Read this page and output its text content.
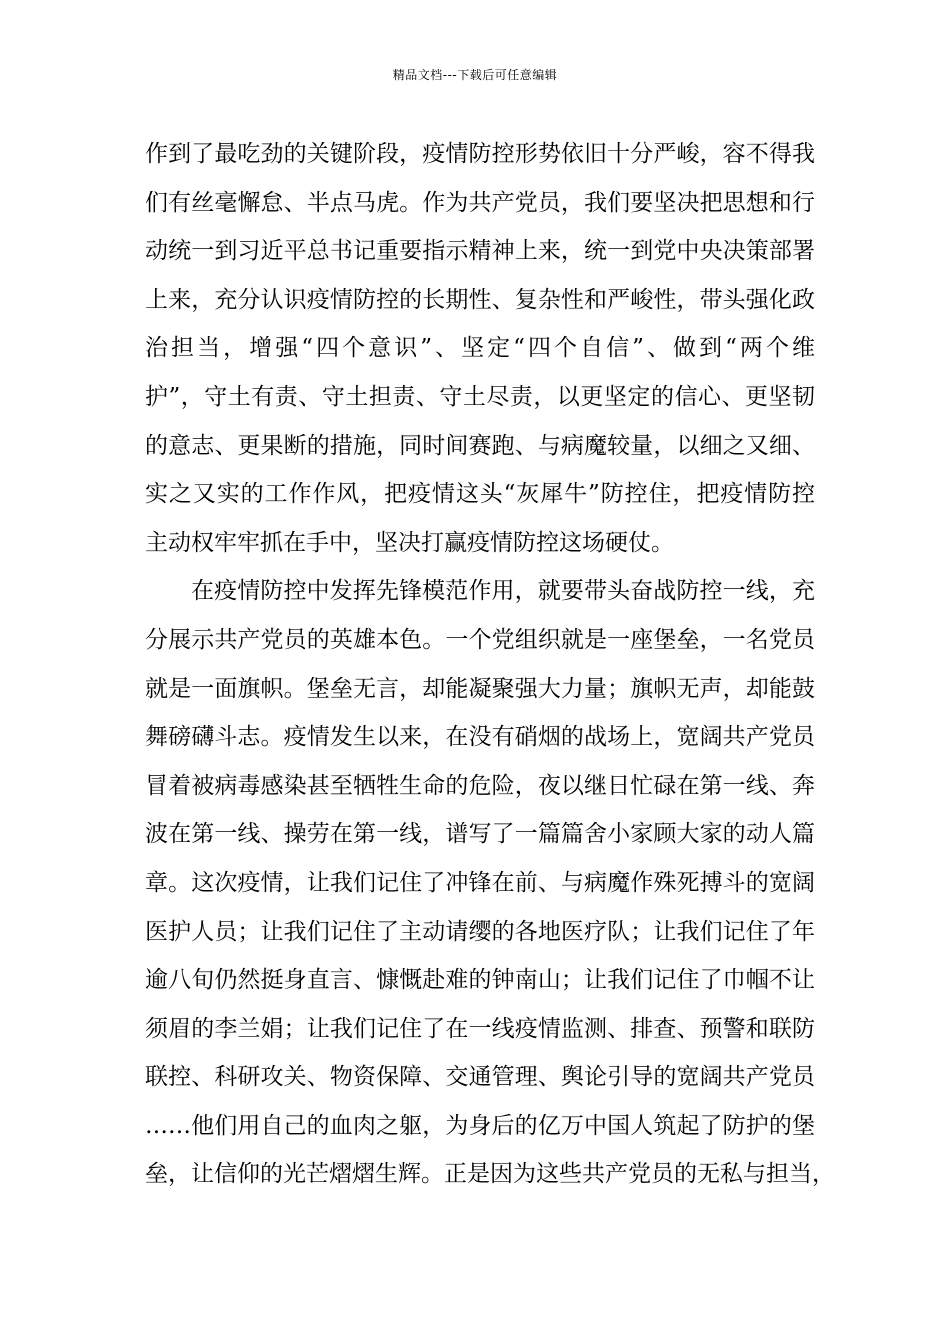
精品文档---下载后可任意编辑
作到了最吃劲的关键阶段，疫情防控形势依旧十分严峻，容不得我
们有丝毫懈怠、半点马虎。作为共产党员，我们要坚决把思想和行
动统一到习近平总书记重要指示精神上来，统一到党中央决策部署
上来，充分认识疫情防控的长期性、复杂性和严峻性，带头强化政
治担当，增强“四个意识”、坚定“四个自信”、做到“两个维
护”，守土有责、守土担责、守土尽责，以更坚定的信心、更坚韧
的意志、更果断的措施，同时间赛跑、与病魔较量，以细之又细、
实之又实的工作作风，把疫情这头“灰犀牛”防控住，把疫情防控
主动权牢牢抓在手中，坚决打赢疫情防控这场硬仗。
在疫情防控中发挥先锋模范作用，就要带头奋战防控一线，充
分展示共产党员的英雄本色。一个党组织就是一座堡垒，一名党员
就是一面旗帜。堡垒无言，却能凝聚强大力量；旗帜无声，却能鼓
舞磅礴斗志。疫情发生以来，在没有硝烟的战场上，宽阔共产党员
冒着被病毒感染甚至牺牲生命的危险，夜以继日忙碌在第一线、奔
波在第一线、操劳在第一线，谱写了一篇篇舍小家顾大家的动人篇
章。这次疫情，让我们记住了冲锋在前、与病魔作殊死搏斗的宽阔
医护人员；让我们记住了主动请缨的各地医疗队；让我们记住了年
逾八旬仍然挺身直言、慷慨赴难的钟南山；让我们记住了巾帼不让
须眉的李兰娟；让我们记住了在一线疫情监测、排查、预警和联防
联控、科研攻关、物资保障、交通管理、舆论引导的宽阔共产党员
……他们用自己的血肉之躯，为身后的亿万中国人筑起了防护的堡
垒，让信仰的光芒熠熠生辉。正是因为这些共产党员的无私与担当，
